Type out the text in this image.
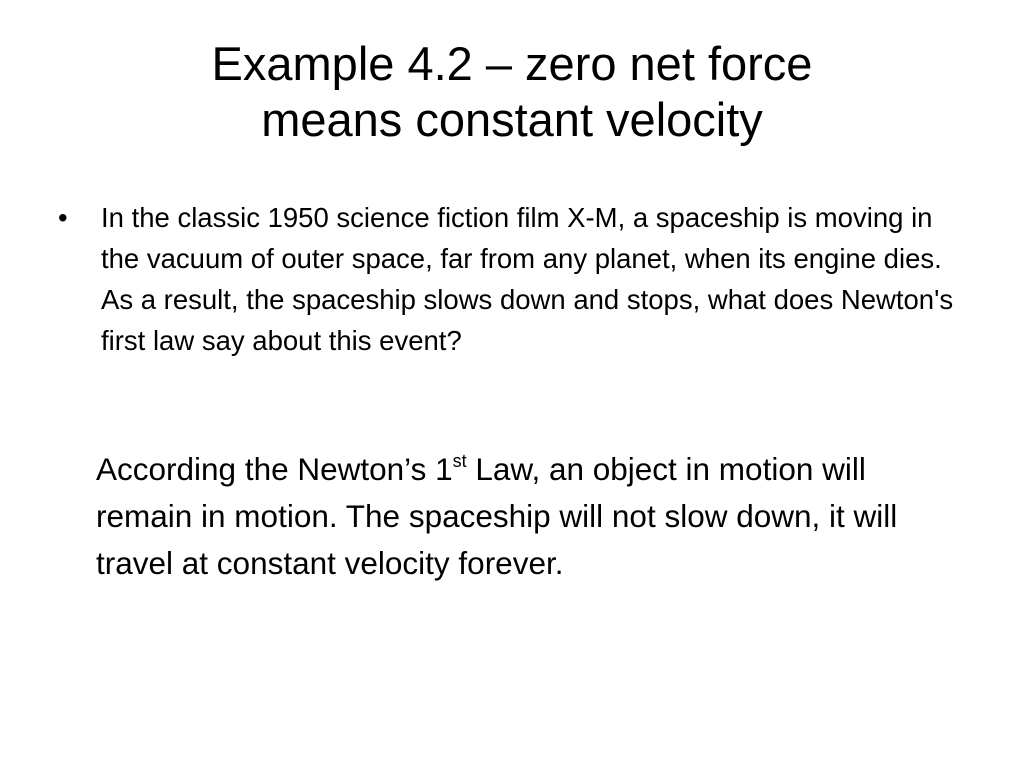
Example 4.2 – zero net force
means constant velocity
• In the classic 1950 science fiction film X-M, a spaceship is moving in the vacuum of outer space, far from any planet, when its engine dies. As a result, the spaceship slows down and stops, what does Newton's first law say about this event?

According the Newton’s 1st Law, an object in motion will remain in motion. The spaceship will not slow down, it will travel at constant velocity forever.
